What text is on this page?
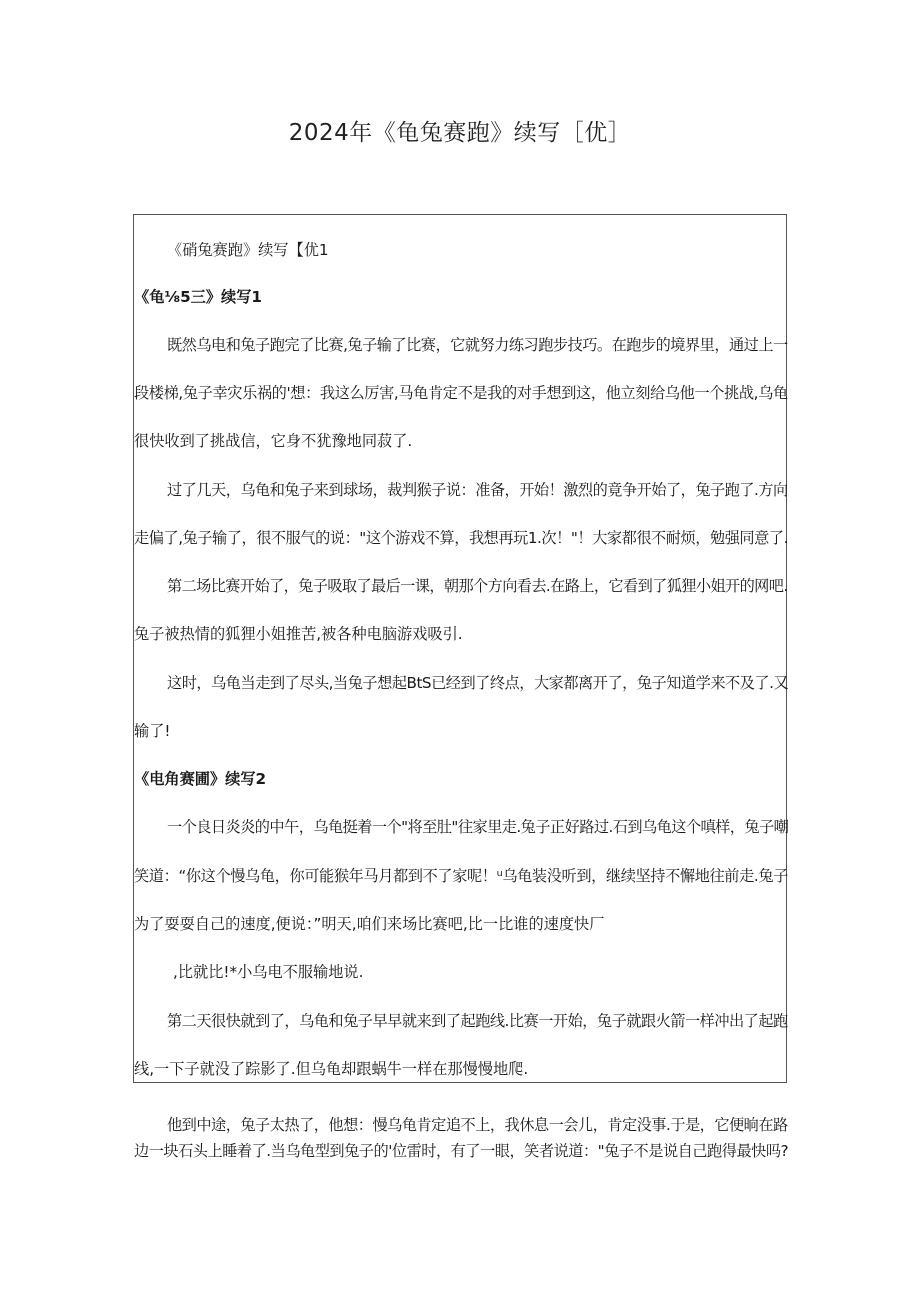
2024年《龟兔赛跑》续写［优］
《硝兔赛跑》续写【优1
《龟⅛5三》续写1
既然乌电和兔子跑完了比赛,兔子输了比赛，它就努力练习跑步技巧。在跑步的境界里，通过上一
段楼梯,兔子幸灾乐祸的'想：我这么厉害,马龟肯定不是我的对手想到这，他立刻给乌他一个挑战,乌龟
很快收到了挑战信，它身不犹豫地同菽了.
过了几天，乌龟和兔子来到球场，裁判猴子说：准备，开始！激烈的竟争开始了，兔子跑了.方向
走偏了,兔子输了，很不服气的说："这个游戏不算，我想再玩1.次！"！大家都很不耐烦，勉强同意了.
第二场比赛开始了，兔子吸取了最后一课，朝那个方向看去.在路上，它看到了狐狸小姐开的网吧.
兔子被热情的狐狸小姐推苦,被各种电脑游戏吸引.
这时，乌龟当走到了尽头,当兔子想起BtS已经到了终点，大家都离开了，兔子知道学来不及了.又
输了!
《电角赛圃》续写2
一个良日炎炎的中午，乌龟挺着一个"将至肚"往家里走.兔子正好路过.石到乌龟这个嗔样，兔子嘲
笑道：“你这个慢乌龟，你可能猴年马月都到不了家呢！ᵘ乌龟装没听到，继续坚持不懈地往前走.兔子
为了耍耍自己的速度,便说：”明天,咱们来场比赛吧,比一比谁的速度快厂
,比就比!*小乌电不服输地说.
第二天很快就到了，乌龟和兔子早早就来到了起跑线.比赛一开始，兔子就跟火箭一样冲出了起跑
线,一下子就没了踪影了.但乌龟却跟蜗牛一样在那慢慢地爬.
他到中途，兔子太热了，他想：慢乌龟肯定追不上，我休息一会儿，肯定没事.于是，它便晌在路
边一块石头上睡着了.当乌龟型到兔子的'位雷时，有了一眼，笑者说道："兔子不是说自己跑得最快吗?
